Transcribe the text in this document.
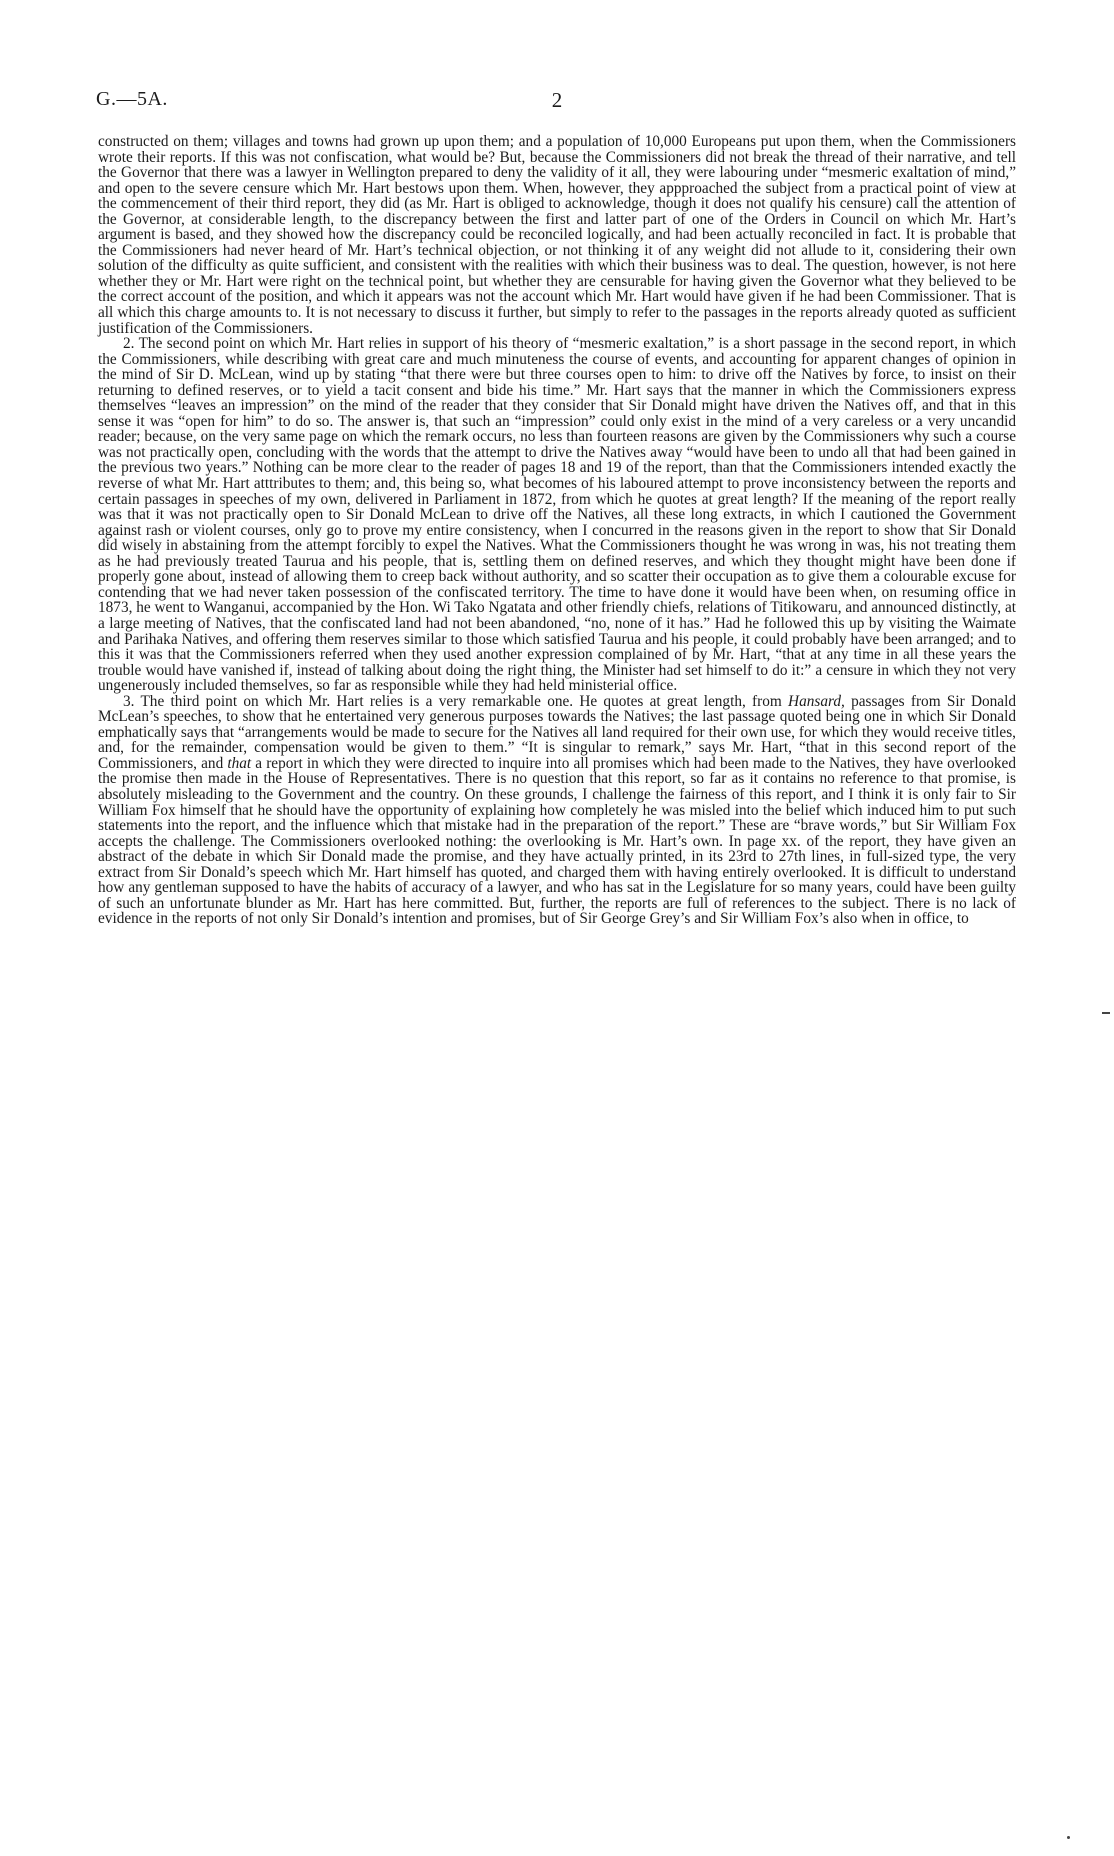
G.—5A.	2

constructed on them; villages and towns had grown up upon them; and a population of 10,000 Europeans put upon them, when the Commissioners wrote their reports. If this was not confiscation, what would be? But, because the Commissioners did not break the thread of their narrative, and tell the Governor that there was a lawyer in Wellington prepared to deny the validity of it all, they were labouring under “mesmeric exaltation of mind,” and open to the severe censure which Mr. Hart bestows upon them. When, however, they appproached the subject from a practical point of view at the commencement of their third report, they did (as Mr. Hart is obliged to acknowledge, though it does not qualify his censure) call the attention of the Governor, at considerable length, to the discrepancy between the first and latter part of one of the Orders in Council on which Mr. Hart’s argument is based, and they showed how the discrepancy could be reconciled logically, and had been actually reconciled in fact. It is probable that the Commissioners had never heard of Mr. Hart’s technical objection, or not thinking it of any weight did not allude to it, considering their own solution of the difficulty as quite sufficient, and consistent with the realities with which their business was to deal. The question, however, is not here whether they or Mr. Hart were right on the technical point, but whether they are censurable for having given the Governor what they believed to be the correct account of the position, and which it appears was not the account which Mr. Hart would have given if he had been Commissioner. That is all which this charge amounts to. It is not necessary to discuss it further, but simply to refer to the passages in the reports already quoted as sufficient justification of the Commissioners.

2. The second point on which Mr. Hart relies in support of his theory of “mesmeric exaltation,” is a short passage in the second report, in which the Commissioners, while describing with great care and much minuteness the course of events, and accounting for apparent changes of opinion in the mind of Sir D. McLean, wind up by stating “that there were but three courses open to him: to drive off the Natives by force, to insist on their returning to defined reserves, or to yield a tacit consent and bide his time.” Mr. Hart says that the manner in which the Commissioners express themselves “leaves an impression” on the mind of the reader that they consider that Sir Donald might have driven the Natives off, and that in this sense it was “open for him” to do so. The answer is, that such an “impression” could only exist in the mind of a very careless or a very uncandid reader; because, on the very same page on which the remark occurs, no less than fourteen reasons are given by the Commissioners why such a course was not practically open, concluding with the words that the attempt to drive the Natives away “would have been to undo all that had been gained in the previous two years.” Nothing can be more clear to the reader of pages 18 and 19 of the report, than that the Commissioners intended exactly the reverse of what Mr. Hart atttributes to them; and, this being so, what becomes of his laboured attempt to prove inconsistency between the reports and certain passages in speeches of my own, delivered in Parliament in 1872, from which he quotes at great length? If the meaning of the report really was that it was not practically open to Sir Donald McLean to drive off the Natives, all these long extracts, in which I cautioned the Government against rash or violent courses, only go to prove my entire consistency, when I concurred in the reasons given in the report to show that Sir Donald did wisely in abstaining from the attempt forcibly to expel the Natives. What the Commissioners thought he was wrong in was, his not treating them as he had previously treated Taurua and his people, that is, settling them on defined reserves, and which they thought might have been done if properly gone about, instead of allowing them to creep back without authority, and so scatter their occupation as to give them a colourable excuse for contending that we had never taken possession of the confiscated territory. The time to have done it would have been when, on resuming office in 1873, he went to Wanganui, accompanied by the Hon. Wi Tako Ngatata and other friendly chiefs, relations of Titikowaru, and announced distinctly, at a large meeting of Natives, that the confiscated land had not been abandoned, “no, none of it has.” Had he followed this up by visiting the Waimate and Parihaka Natives, and offering them reserves similar to those which satisfied Taurua and his people, it could probably have been arranged; and to this it was that the Commissioners referred when they used another expression complained of by Mr. Hart, “that at any time in all these years the trouble would have vanished if, instead of talking about doing the right thing, the Minister had set himself to do it:” a censure in which they not very ungenerously included themselves, so far as responsible while they had held ministerial office.

3. The third point on which Mr. Hart relies is a very remarkable one. He quotes at great length, from Hansard, passages from Sir Donald McLean’s speeches, to show that he entertained very generous purposes towards the Natives; the last passage quoted being one in which Sir Donald emphatically says that “arrangements would be made to secure for the Natives all land required for their own use, for which they would receive titles, and, for the remainder, compensation would be given to them.” “It is singular to remark,” says Mr. Hart, “that in this second report of the Commissioners, and that a report in which they were directed to inquire into all promises which had been made to the Natives, they have overlooked the promise then made in the House of Representatives. There is no question that this report, so far as it contains no reference to that promise, is absolutely misleading to the Government and the country. On these grounds, I challenge the fairness of this report, and I think it is only fair to Sir William Fox himself that he should have the opportunity of explaining how completely he was misled into the belief which induced him to put such statements into the report, and the influence which that mistake had in the preparation of the report.” These are “brave words,” but Sir William Fox accepts the challenge. The Commissioners overlooked nothing: the overlooking is Mr. Hart’s own. In page xx. of the report, they have given an abstract of the debate in which Sir Donald made the promise, and they have actually printed, in its 23rd to 27th lines, in full-sized type, the very extract from Sir Donald’s speech which Mr. Hart himself has quoted, and charged them with having entirely overlooked. It is difficult to understand how any gentleman supposed to have the habits of accuracy of a lawyer, and who has sat in the Legislature for so many years, could have been guilty of such an unfortunate blunder as Mr. Hart has here committed. But, further, the reports are full of references to the subject. There is no lack of evidence in the reports of not only Sir Donald’s intention and promises, but of Sir George Grey’s and Sir William Fox’s also when in office, to
